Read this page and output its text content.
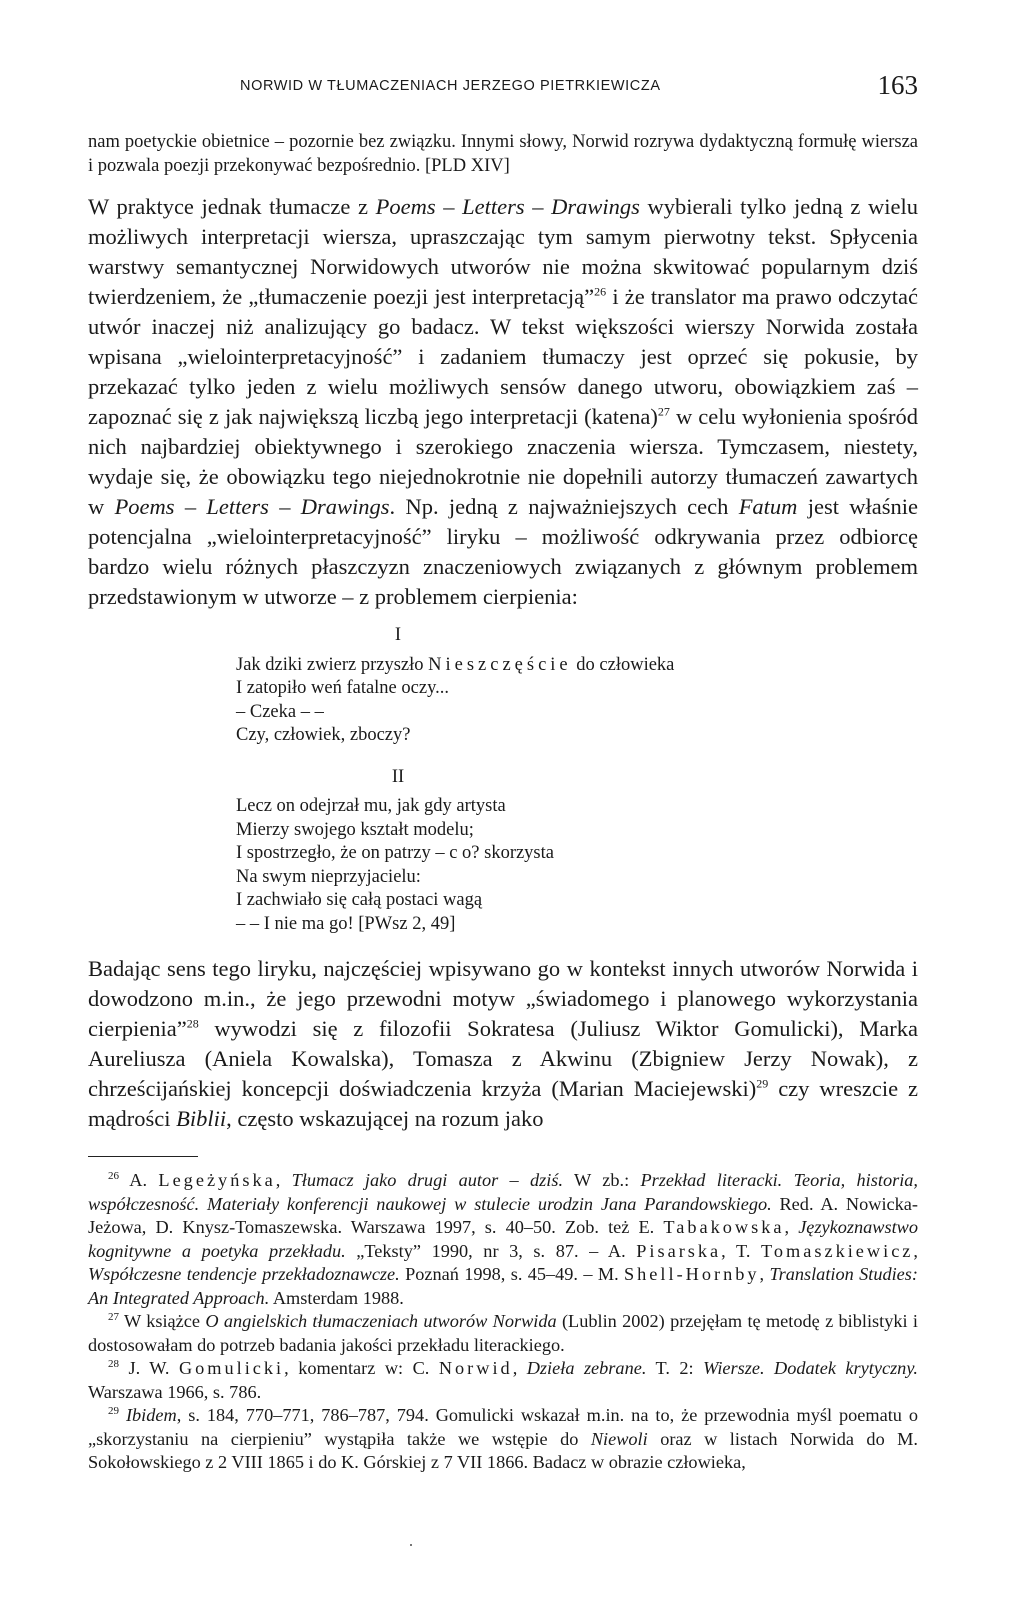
NORWID W TŁUMACZENIACH JERZEGO PIETRKIEWICZA	163

nam poetyckie obietnice – pozornie bez związku. Innymi słowy, Norwid rozrywa dydaktyczną formułę wiersza i pozwala poezji przekonywać bezpośrednio. [PLD XIV]

W praktyce jednak tłumacze z Poems – Letters – Drawings wybierali tylko jedną z wielu możliwych interpretacji wiersza, upraszczając tym samym pierwotny tekst. Spłycenia warstwy semantycznej Norwidowych utworów nie można skwitować popularnym dziś twierdzeniem, że „tłumaczenie poezji jest interpretacją”$^{26}$ i że translator ma prawo odczytać utwór inaczej niż analizujący go badacz. W tekst większości wierszy Norwida została wpisana „wielointerpretacyjność” i zadaniem tłumaczy jest oprzeć się pokusie, by przekazać tylko jeden z wielu możliwych sensów danego utworu, obowiązkiem zaś – zapoznać się z jak największą liczbą jego interpretacji (katena)$^{27}$ w celu wyłonienia spośród nich najbardziej obiektywnego i szerokiego znaczenia wiersza. Tymczasem, niestety, wydaje się, że obowiązku tego niejednokrotnie nie dopełnili autorzy tłumaczeń zawartych w Poems – Letters – Drawings. Np. jedną z najważniejszych cech Fatum jest właśnie potencjalna „wielointerpretacyjność” liryku – możliwość odkrywania przez odbiorcę bardzo wielu różnych płaszczyzn znaczeniowych związanych z głównym problemem przedstawionym w utworze – z problemem cierpienia:

I
Jak dziki zwierz przyszło Nieszczęście do człowieka
I zatopiło weń fatalne oczy...
– Czeka – –
Czy, człowiek, zboczy?
II
Lecz on odejrzał mu, jak gdy artysta
Mierzy swojego kształt modelu;
I spostrzegło, że on patrzy – c o? skorzysta
Na swym nieprzyjacielu:
I zachwiało się całą postaci wagą
– – I nie ma go! [PWsz 2, 49]

Badając sens tego liryku, najczęściej wpisywano go w kontekst innych utworów Norwida i dowodzono m.in., że jego przewodni motyw „świadomego i planowego wykorzystania cierpienia”$^{28}$ wywodzi się z filozofii Sokratesa (Juliusz Wiktor Gomulicki), Marka Aureliusza (Aniela Kowalska), Tomasza z Akwinu (Zbigniew Jerzy Nowak), z chrześcijańskiej koncepcji doświadczenia krzyża (Marian Maciejewski)$^{29}$ czy wreszcie z mądrości Biblii, często wskazującej na rozum jako

$^{26}$ A. Legeżyńska, Tłumacz jako drugi autor – dziś. W zb.: Przekład literacki. Teoria, historia, współczesność. Materiały konferencji naukowej w stulecie urodzin Jana Parandowskiego. Red. A. Nowicka-Jeżowa, D. Knysz-Tomaszewska. Warszawa 1997, s. 40–50. Zob. też E. Tabakowska, Językoznawstwo kognitywne a poetyka przekładu. „Teksty” 1990, nr 3, s. 87. – A. Pisarska, T. Tomaszkiewicz, Współczesne tendencje przekładoznawcze. Poznań 1998, s. 45–49. – M. Shell-Hornby, Translation Studies: An Integrated Approach. Amsterdam 1988.

$^{27}$ W książce O angielskich tłumaczeniach utworów Norwida (Lublin 2002) przejęłam tę metodę z biblistyki i dostosowałam do potrzeb badania jakości przekładu literackiego.

$^{28}$ J. W. Gomulicki, komentarz w: C. Norwid, Dzieła zebrane. T. 2: Wiersze. Dodatek krytyczny. Warszawa 1966, s. 786.

$^{29}$ Ibidem, s. 184, 770–771, 786–787, 794. Gomulicki wskazał m.in. na to, że przewodnia myśl poematu o „skorzystaniu na cierpieniu” wystąpiła także we wstępie do Niewoli oraz w listach Norwida do M. Sokołowskiego z 2 VIII 1865 i do K. Górskiej z 7 VII 1866. Badacz w obrazie człowieka,
